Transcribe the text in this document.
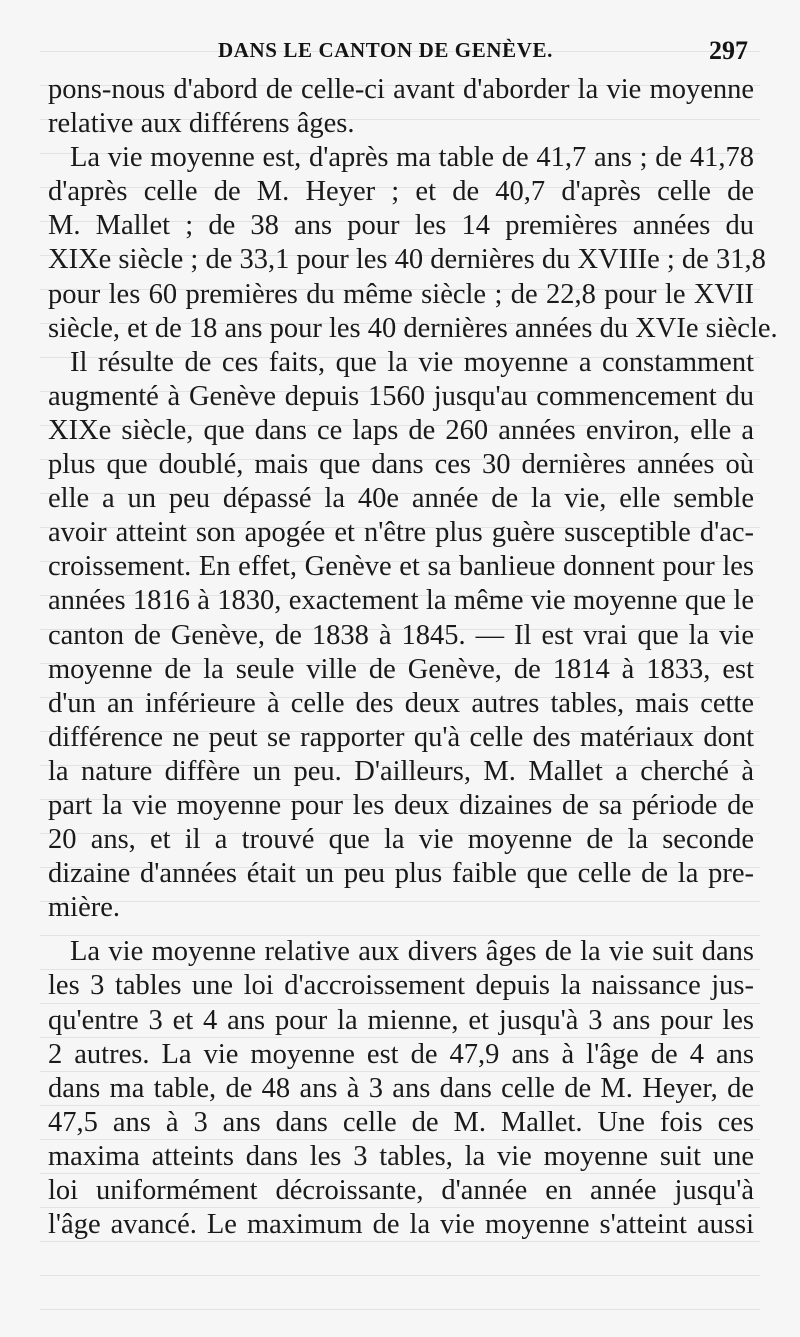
DANS LE CANTON DE GENÈVE.	297
pons-nous d'abord de celle-ci avant d'aborder la vie moyenne
relative aux différens âges.
La vie moyenne est, d'après ma table de 41,7 ans ; de 41,78
d'après celle de M. Heyer ; et de 40,7 d'après celle de
M. Mallet ; de 38 ans pour les 14 premières années du
XIXe siècle ; de 33,1 pour les 40 dernières du XVIIIe ; de 31,8
pour les 60 premières du même siècle ; de 22,8 pour le XVII
siècle, et de 18 ans pour les 40 dernières années du XVIe siècle.
Il résulte de ces faits, que la vie moyenne a constamment
augmenté à Genève depuis 1560 jusqu'au commencement du
XIXe siècle, que dans ce laps de 260 années environ, elle a
plus que doublé, mais que dans ces 30 dernières années où
elle a un peu dépassé la 40e année de la vie, elle semble
avoir atteint son apogée et n'être plus guère susceptible d'ac-
croissement. En effet, Genève et sa banlieue donnent pour les
années 1816 à 1830, exactement la même vie moyenne que le
canton de Genève, de 1838 à 1845. — Il est vrai que la vie
moyenne de la seule ville de Genève, de 1814 à 1833, est
d'un an inférieure à celle des deux autres tables, mais cette
différence ne peut se rapporter qu'à celle des matériaux dont
la nature diffère un peu. D'ailleurs, M. Mallet a cherché à
part la vie moyenne pour les deux dizaines de sa période de
20 ans, et il a trouvé que la vie moyenne de la seconde
dizaine d'années était un peu plus faible que celle de la pre-
mière.
La vie moyenne relative aux divers âges de la vie suit dans
les 3 tables une loi d'accroissement depuis la naissance jus-
qu'entre 3 et 4 ans pour la mienne, et jusqu'à 3 ans pour les
2 autres. La vie moyenne est de 47,9 ans à l'âge de 4 ans
dans ma table, de 48 ans à 3 ans dans celle de M. Heyer, de
47,5 ans à 3 ans dans celle de M. Mallet. Une fois ces
maxima atteints dans les 3 tables, la vie moyenne suit une
loi uniformément décroissante, d'année en année jusqu'à
l'âge avancé. Le maximum de la vie moyenne s'atteint aussi
